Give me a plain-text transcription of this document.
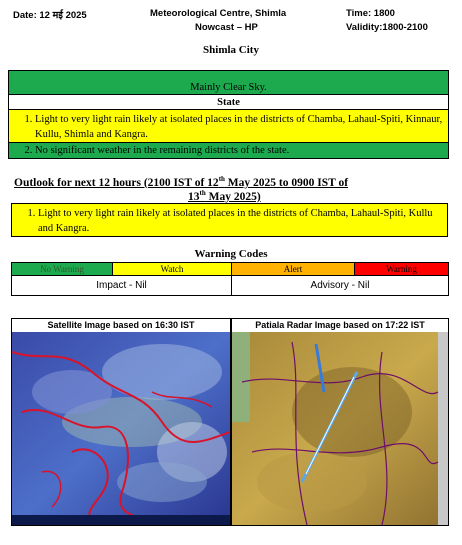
Date: 12 मई 2025	Meteorological Centre, Shimla
Nowcast – HP
Time: 1800
Validity:1800-2100
Shimla City
Mainly Clear Sky.
State
1. Light to very light rain likely at isolated places in the districts of Chamba, Lahaul-Spiti, Kinnaur, Kullu, Shimla and Kangra.
2. No significant weather in the remaining districts of the state.
Outlook for next 12 hours (2100 IST of 12th May 2025 to 0900 IST of
13th May 2025)
1. Light to very light rain likely at isolated places in the districts of Chamba, Lahaul-Spiti, Kullu and Kangra.
Warning Codes
No Warning	Watch	Alert	Warning
Impact - Nil	Advisory - Nil
Satellite Image based on 16:30 IST	Patiala Radar Image based on 17:22 IST
